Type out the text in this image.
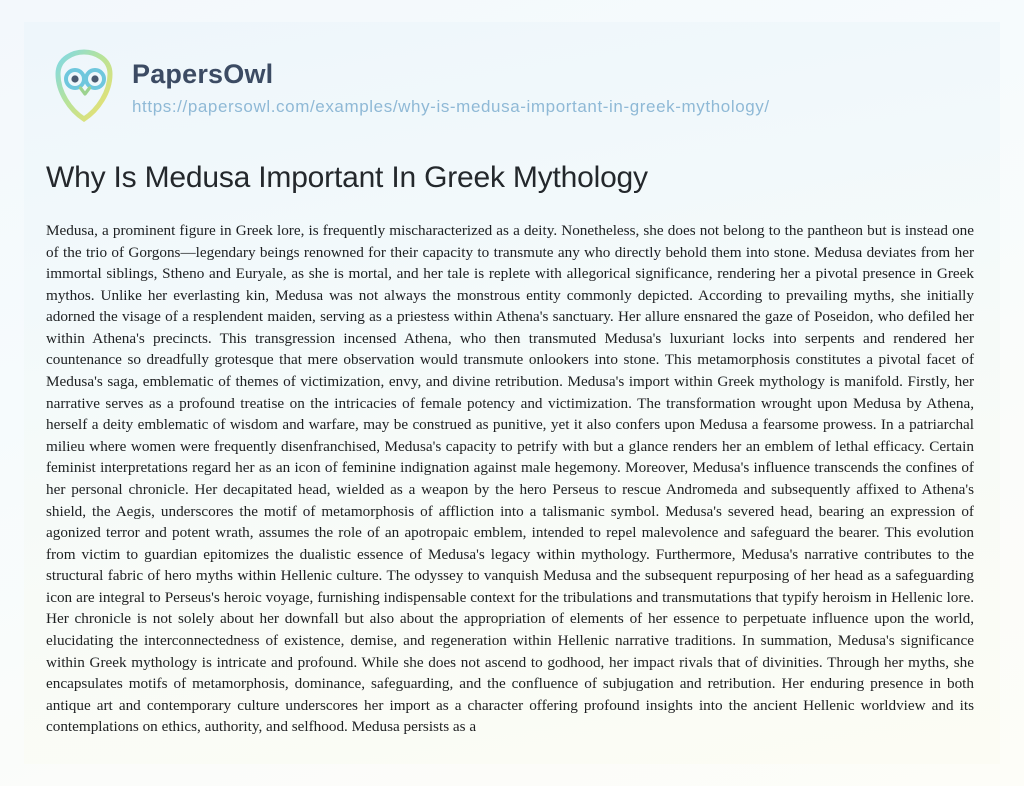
PapersOwl
https://papersowl.com/examples/why-is-medusa-important-in-greek-mythology/
Why Is Medusa Important In Greek Mythology

Medusa, a prominent figure in Greek lore, is frequently mischaracterized as a deity. Nonetheless, she does not belong to the pantheon but is instead one of the trio of Gorgons—legendary beings renowned for their capacity to transmute any who directly behold them into stone. Medusa deviates from her immortal siblings, Stheno and Euryale, as she is mortal, and her tale is replete with allegorical significance, rendering her a pivotal presence in Greek mythos. Unlike her everlasting kin, Medusa was not always the monstrous entity commonly depicted. According to prevailing myths, she initially adorned the visage of a resplendent maiden, serving as a priestess within Athena's sanctuary. Her allure ensnared the gaze of Poseidon, who defiled her within Athena's precincts. This transgression incensed Athena, who then transmuted Medusa's luxuriant locks into serpents and rendered her countenance so dreadfully grotesque that mere observation would transmute onlookers into stone. This metamorphosis constitutes a pivotal facet of Medusa's saga, emblematic of themes of victimization, envy, and divine retribution. Medusa's import within Greek mythology is manifold. Firstly, her narrative serves as a profound treatise on the intricacies of female potency and victimization. The transformation wrought upon Medusa by Athena, herself a deity emblematic of wisdom and warfare, may be construed as punitive, yet it also confers upon Medusa a fearsome prowess. In a patriarchal milieu where women were frequently disenfranchised, Medusa's capacity to petrify with but a glance renders her an emblem of lethal efficacy. Certain feminist interpretations regard her as an icon of feminine indignation against male hegemony. Moreover, Medusa's influence transcends the confines of her personal chronicle. Her decapitated head, wielded as a weapon by the hero Perseus to rescue Andromeda and subsequently affixed to Athena's shield, the Aegis, underscores the motif of metamorphosis of affliction into a talismanic symbol. Medusa's severed head, bearing an expression of agonized terror and potent wrath, assumes the role of an apotropaic emblem, intended to repel malevolence and safeguard the bearer. This evolution from victim to guardian epitomizes the dualistic essence of Medusa's legacy within mythology. Furthermore, Medusa's narrative contributes to the structural fabric of hero myths within Hellenic culture. The odyssey to vanquish Medusa and the subsequent repurposing of her head as a safeguarding icon are integral to Perseus's heroic voyage, furnishing indispensable context for the tribulations and transmutations that typify heroism in Hellenic lore. Her chronicle is not solely about her downfall but also about the appropriation of elements of her essence to perpetuate influence upon the world, elucidating the interconnectedness of existence, demise, and regeneration within Hellenic narrative traditions. In summation, Medusa's significance within Greek mythology is intricate and profound. While she does not ascend to godhood, her impact rivals that of divinities. Through her myths, she encapsulates motifs of metamorphosis, dominance, safeguarding, and the confluence of subjugation and retribution. Her enduring presence in both antique art and contemporary culture underscores her import as a character offering profound insights into the ancient Hellenic worldview and its contemplations on ethics, authority, and selfhood. Medusa persists as a
